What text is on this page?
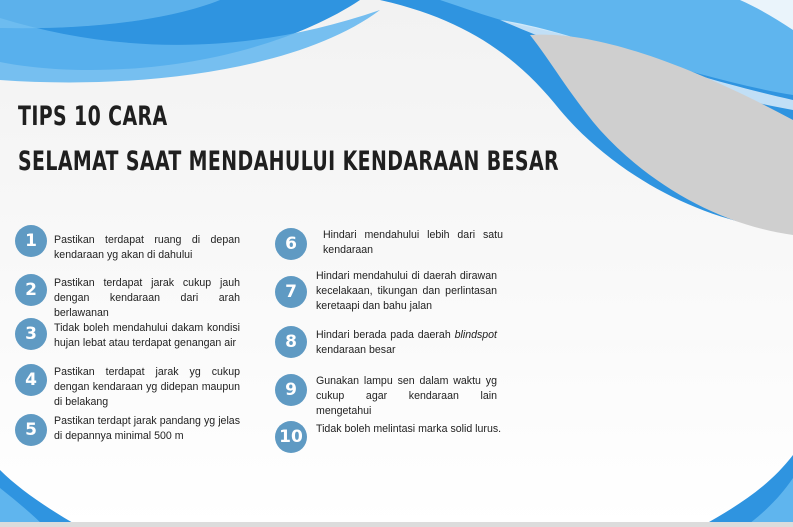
TIPS 10 CARA
SELAMAT SAAT MENDAHULUI KENDARAAN BESAR
1	Pastikan terdapat ruang di depan kendaraan yg akan di dahului
2	Pastikan terdapat jarak cukup jauh dengan kendaraan dari arah berlawanan
3	Tidak boleh mendahului dakam kondisi hujan lebat atau terdapat genangan air
4	Pastikan terdapat jarak yg cukup dengan kendaraan yg didepan maupun di belakang
5	Pastikan terdapt jarak pandang yg jelas di depannya minimal 500 m
6	Hindari mendahului lebih dari satu kendaraan
7
Hindari mendahului di daerah dirawan kecelakaan, tikungan dan perlintasan keretaapi dan bahu jalan
8	Hindari berada pada daerah blindspot kendaraan besar
9	Gunakan lampu sen dalam waktu yg cukup agar kendaraan lain mengetahui
10	Tidak boleh melintasi marka solid lurus.
